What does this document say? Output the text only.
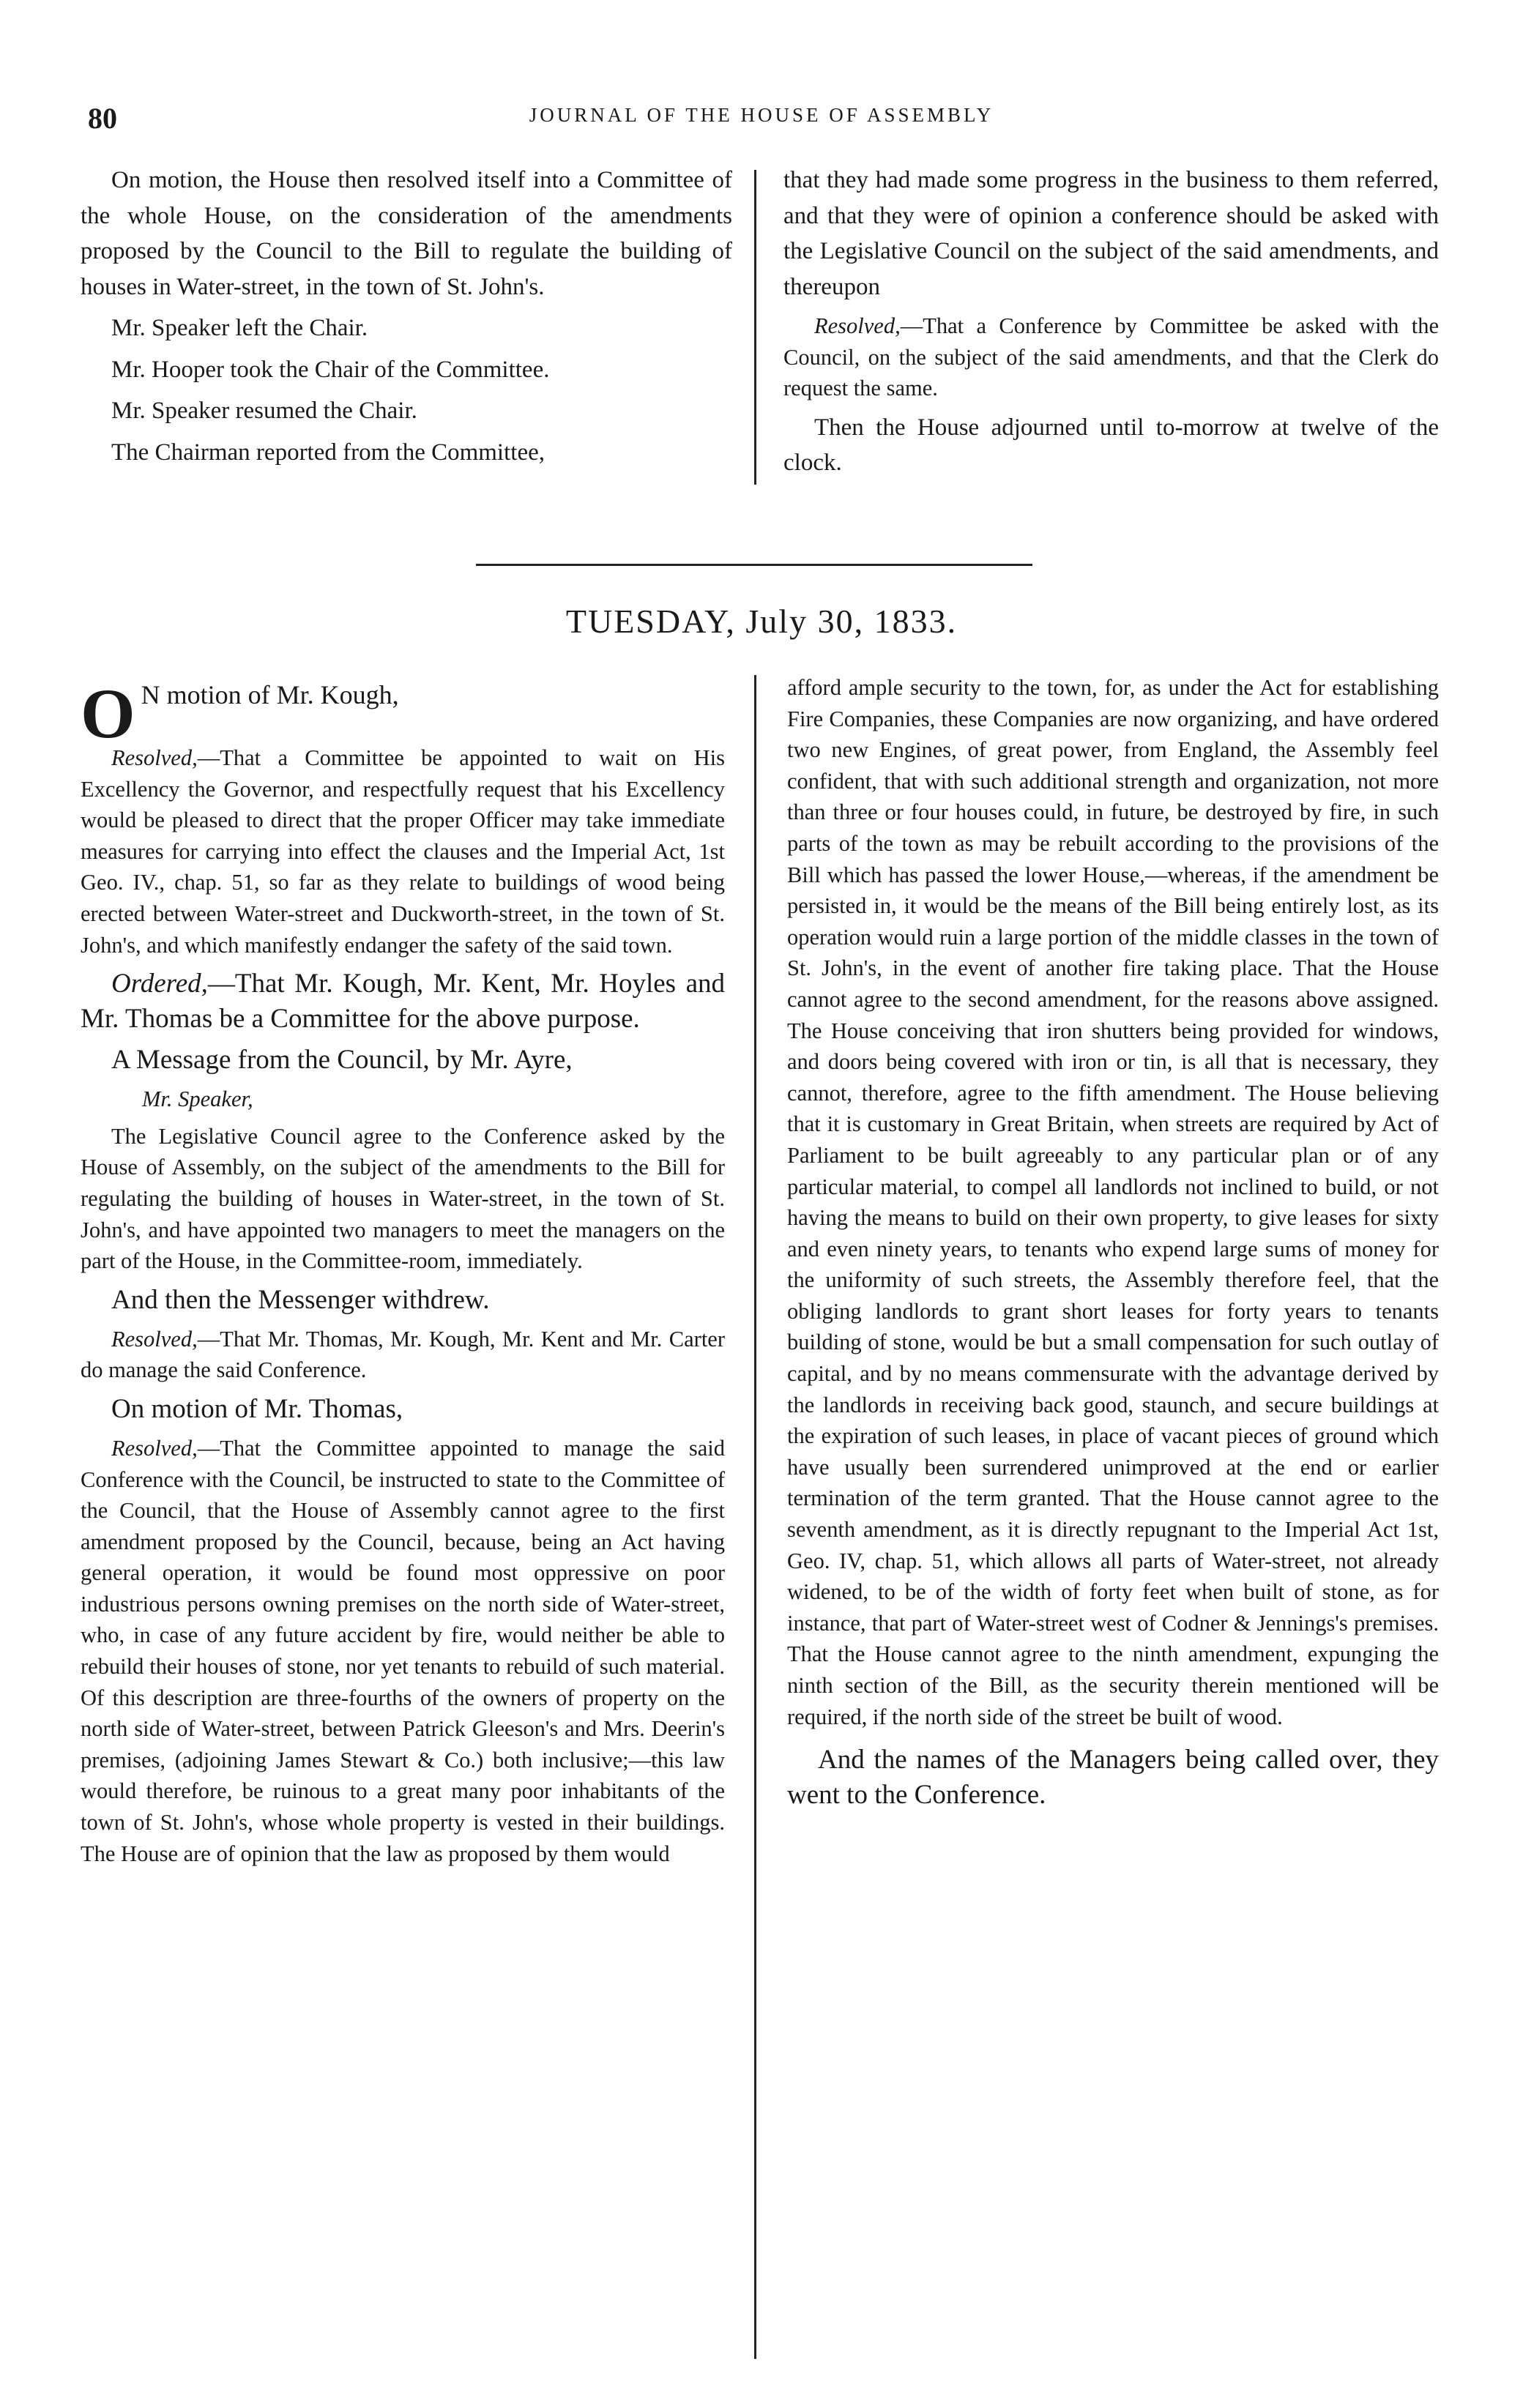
80	JOURNAL OF THE HOUSE OF ASSEMBLY

On motion, the House then resolved itself into a Committee of the whole House, on the consideration of the amendments proposed by the Council to the Bill to regulate the building of houses in Water-street, in the town of St. John's.

Mr. Speaker left the Chair.

Mr. Hooper took the Chair of the Committee.

Mr. Speaker resumed the Chair.

The Chairman reported from the Committee,

that they had made some progress in the business to them referred, and that they were of opinion a conference should be asked with the Legislative Council on the subject of the said amendments, and thereupon

Resolved,—That a Conference by Committee be asked with the Council, on the subject of the said amendments, and that the Clerk do request the same.

Then the House adjourned until to-morrow at twelve of the clock.

TUESDAY, July 30, 1833.

O N motion of Mr. Kough,

Resolved,—That a Committee be appointed to wait on His Excellency the Governor, and respectfully request that his Excellency would be pleased to direct that the proper Officer may take immediate measures for carrying into effect the clauses and the Imperial Act, 1st Geo. IV., chap. 51, so far as they relate to buildings of wood being erected between Water-street and Duckworth-street, in the town of St. John's, and which manifestly endanger the safety of the said town.

Ordered,—That Mr. Kough, Mr. Kent, Mr. Hoyles and Mr. Thomas be a Committee for the above purpose.

A Message from the Council, by Mr. Ayre,

Mr. Speaker,

The Legislative Council agree to the Conference asked by the House of Assembly, on the subject of the amendments to the Bill for regulating the building of houses in Water-street, in the town of St. John's, and have appointed two managers to meet the managers on the part of the House, in the Committee-room, immediately.

And then the Messenger withdrew.

Resolved,—That Mr. Thomas, Mr. Kough, Mr. Kent and Mr. Carter do manage the said Conference.

On motion of Mr. Thomas,

Resolved,—That the Committee appointed to manage the said Conference with the Council, be instructed to state to the Committee of the Council, that the House of Assembly cannot agree to the first amendment proposed by the Council, because, being an Act having general operation, it would be found most oppressive on poor industrious persons owning premises on the north side of Water-street, who, in case of any future accident by fire, would neither be able to rebuild their houses of stone, nor yet tenants to rebuild of such material. Of this description are three-fourths of the owners of property on the north side of Water-street, between Patrick Gleeson's and Mrs. Deerin's premises, (adjoining James Stewart & Co.) both inclusive;—this law would therefore, be ruinous to a great many poor inhabitants of the town of St. John's, whose whole property is vested in their buildings. The House are of opinion that the law as proposed by them would

afford ample security to the town, for, as under the Act for establishing Fire Companies, these Companies are now organizing, and have ordered two new Engines, of great power, from England, the Assembly feel confident, that with such additional strength and organization, not more than three or four houses could, in future, be destroyed by fire, in such parts of the town as may be rebuilt according to the provisions of the Bill which has passed the lower House,—whereas, if the amendment be persisted in, it would be the means of the Bill being entirely lost, as its operation would ruin a large portion of the middle classes in the town of St. John's, in the event of another fire taking place. That the House cannot agree to the second amendment, for the reasons above assigned. The House conceiving that iron shutters being provided for windows, and doors being covered with iron or tin, is all that is necessary, they cannot, therefore, agree to the fifth amendment. The House believing that it is customary in Great Britain, when streets are required by Act of Parliament to be built agreeably to any particular plan or of any particular material, to compel all landlords not inclined to build, or not having the means to build on their own property, to give leases for sixty and even ninety years, to tenants who expend large sums of money for the uniformity of such streets, the Assembly therefore feel, that the obliging landlords to grant short leases for forty years to tenants building of stone, would be but a small compensation for such outlay of capital, and by no means commensurate with the advantage derived by the landlords in receiving back good, staunch, and secure buildings at the expiration of such leases, in place of vacant pieces of ground which have usually been surrendered unimproved at the end or earlier termination of the term granted. That the House cannot agree to the seventh amendment, as it is directly repugnant to the Imperial Act 1st, Geo. IV, chap. 51, which allows all parts of Water-street, not already widened, to be of the width of forty feet when built of stone, as for instance, that part of Water-street west of Codner & Jennings's premises. That the House cannot agree to the ninth amendment, expunging the ninth section of the Bill, as the security therein mentioned will be required, if the north side of the street be built of wood.

And the names of the Managers being called over, they went to the Conference.
